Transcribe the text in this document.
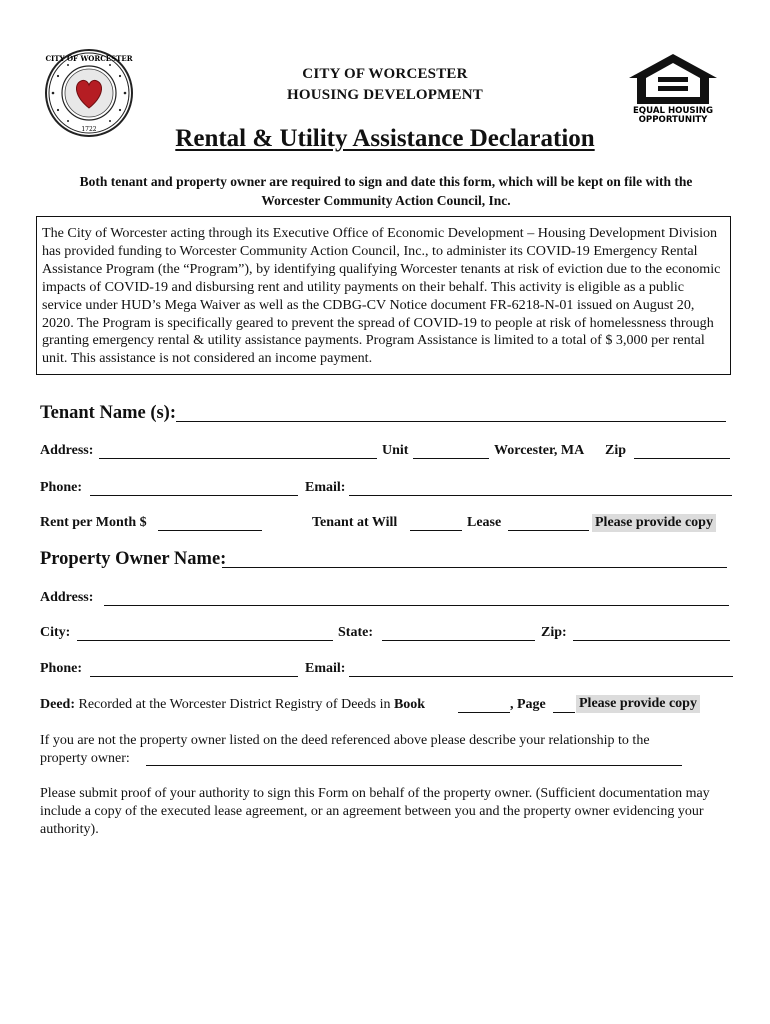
CITY OF WORCESTER
1722
CITY OF WORCESTER
HOUSING DEVELOPMENT
EQUAL HOUSING
OPPORTUNITY
Rental & Utility Assistance Declaration
Both tenant and property owner are required to sign and date this form, which will be kept on file with the
Worcester Community Action Council, Inc.
The City of Worcester acting through its Executive Office of Economic Development – Housing Development Division has provided funding to Worcester Community Action Council, Inc., to administer its COVID-19 Emergency Rental Assistance Program (the “Program”), by identifying qualifying Worcester tenants at risk of eviction due to the economic impacts of COVID-19 and disbursing rent and utility payments on their behalf. This activity is eligible as a public service under HUD’s Mega Waiver as well as the CDBG-CV Notice document FR-6218-N-01 issued on August 20, 2020. The Program is specifically geared to prevent the spread of COVID-19 to people at risk of homelessness through granting emergency rental & utility assistance payments. Program Assistance is limited to a total of $ 3,000 per rental unit. This assistance is not considered an income payment.
Tenant Name (s):
Address:	Unit	Worcester, MA Zip
Phone:	Email:
Rent per Month $	Tenant at Will	Lease	Please provide copy
Property Owner Name:
Address:
City:	State:	Zip:
Phone:	Email:
Deed: Recorded at the Worcester District Registry of Deeds in Book	, Page Please provide copy
If you are not the property owner listed on the deed referenced above please describe your relationship to the
property owner:
Please submit proof of your authority to sign this Form on behalf of the property owner. (Sufficient documentation may include a copy of the executed lease agreement, or an agreement between you and the property owner evidencing your authority).
